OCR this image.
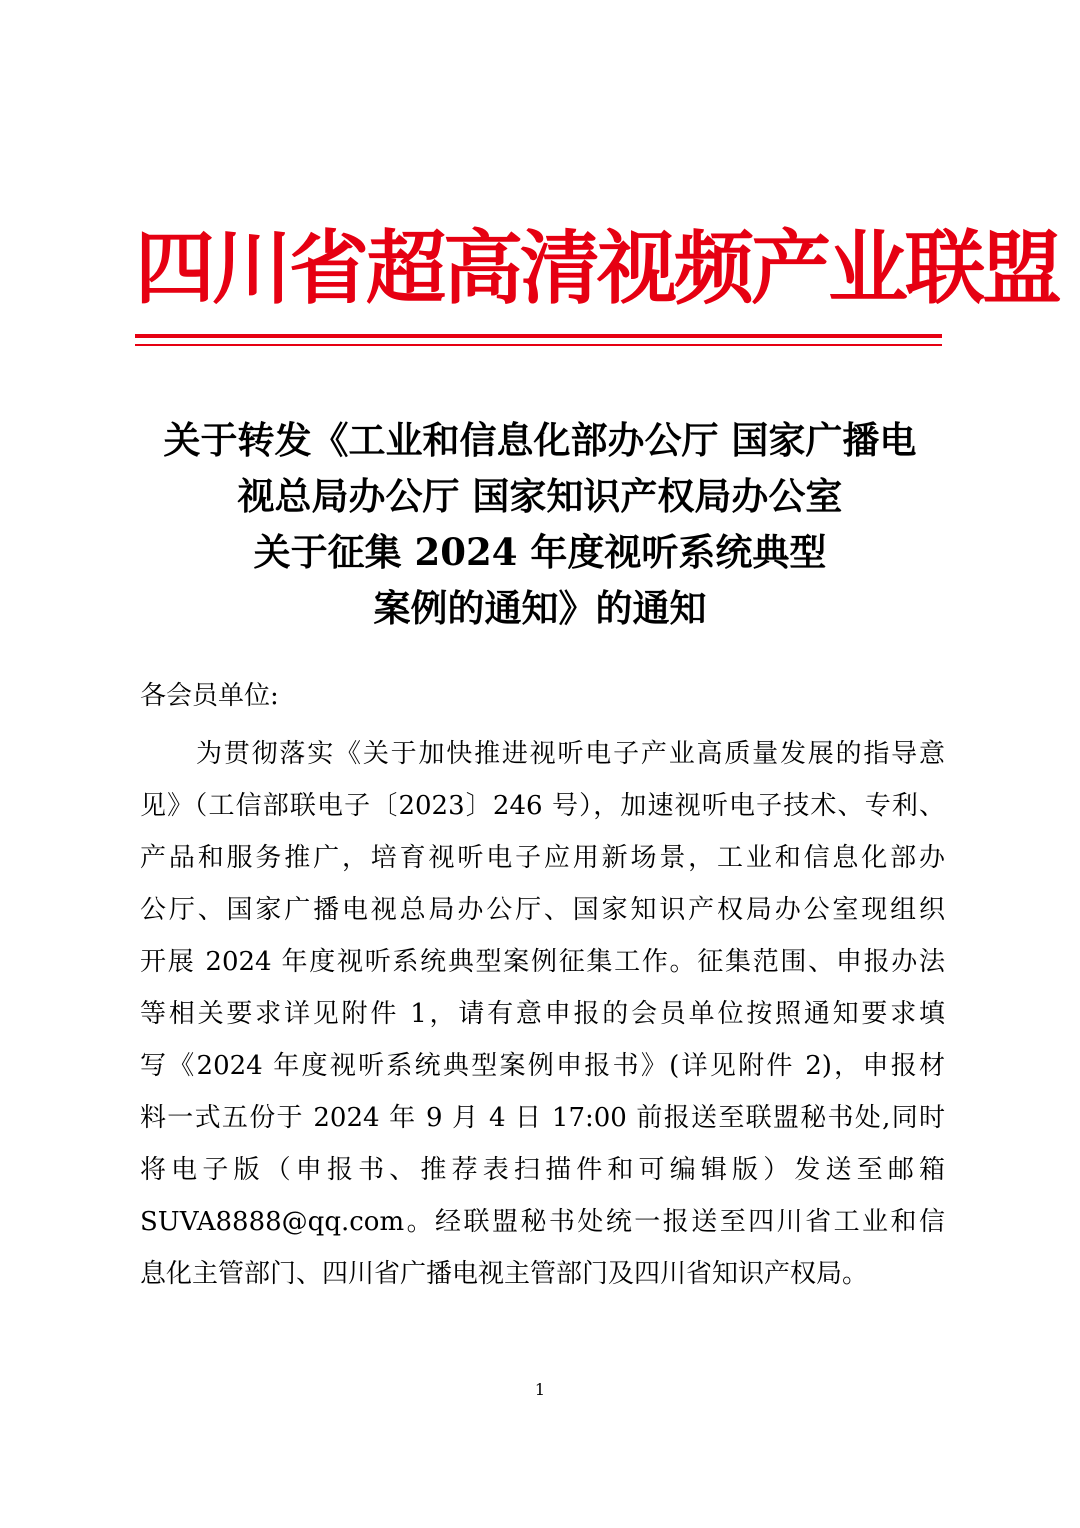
四川省超高清视频产业联盟
关于转发《工业和信息化部办公厅 国家广播电
视总局办公厅 国家知识产权局办公室
关于征集 2024 年度视听系统典型
案例的通知》的通知
各会员单位:
为贯彻落实《关于加快推进视听电子产业高质量发展的指导意
见》（工信部联电子〔2023〕246 号），加速视听电子技术、专利、
产品和服务推广，培育视听电子应用新场景，工业和信息化部办
公厅、国家广播电视总局办公厅、国家知识产权局办公室现组织
开展 2024 年度视听系统典型案例征集工作。征集范围、申报办法
等相关要求详见附件 1，请有意申报的会员单位按照通知要求填
写《2024 年度视听系统典型案例申报书》(详见附件 2)，申报材
料一式五份于 2024 年 9 月 4 日 17:00 前报送至联盟秘书处,同时
将电子版（申报书、推荐表扫描件和可编辑版）发送至邮箱
SUVA8888@qq.com。经联盟秘书处统一报送至四川省工业和信
息化主管部门、四川省广播电视主管部门及四川省知识产权局。
1
